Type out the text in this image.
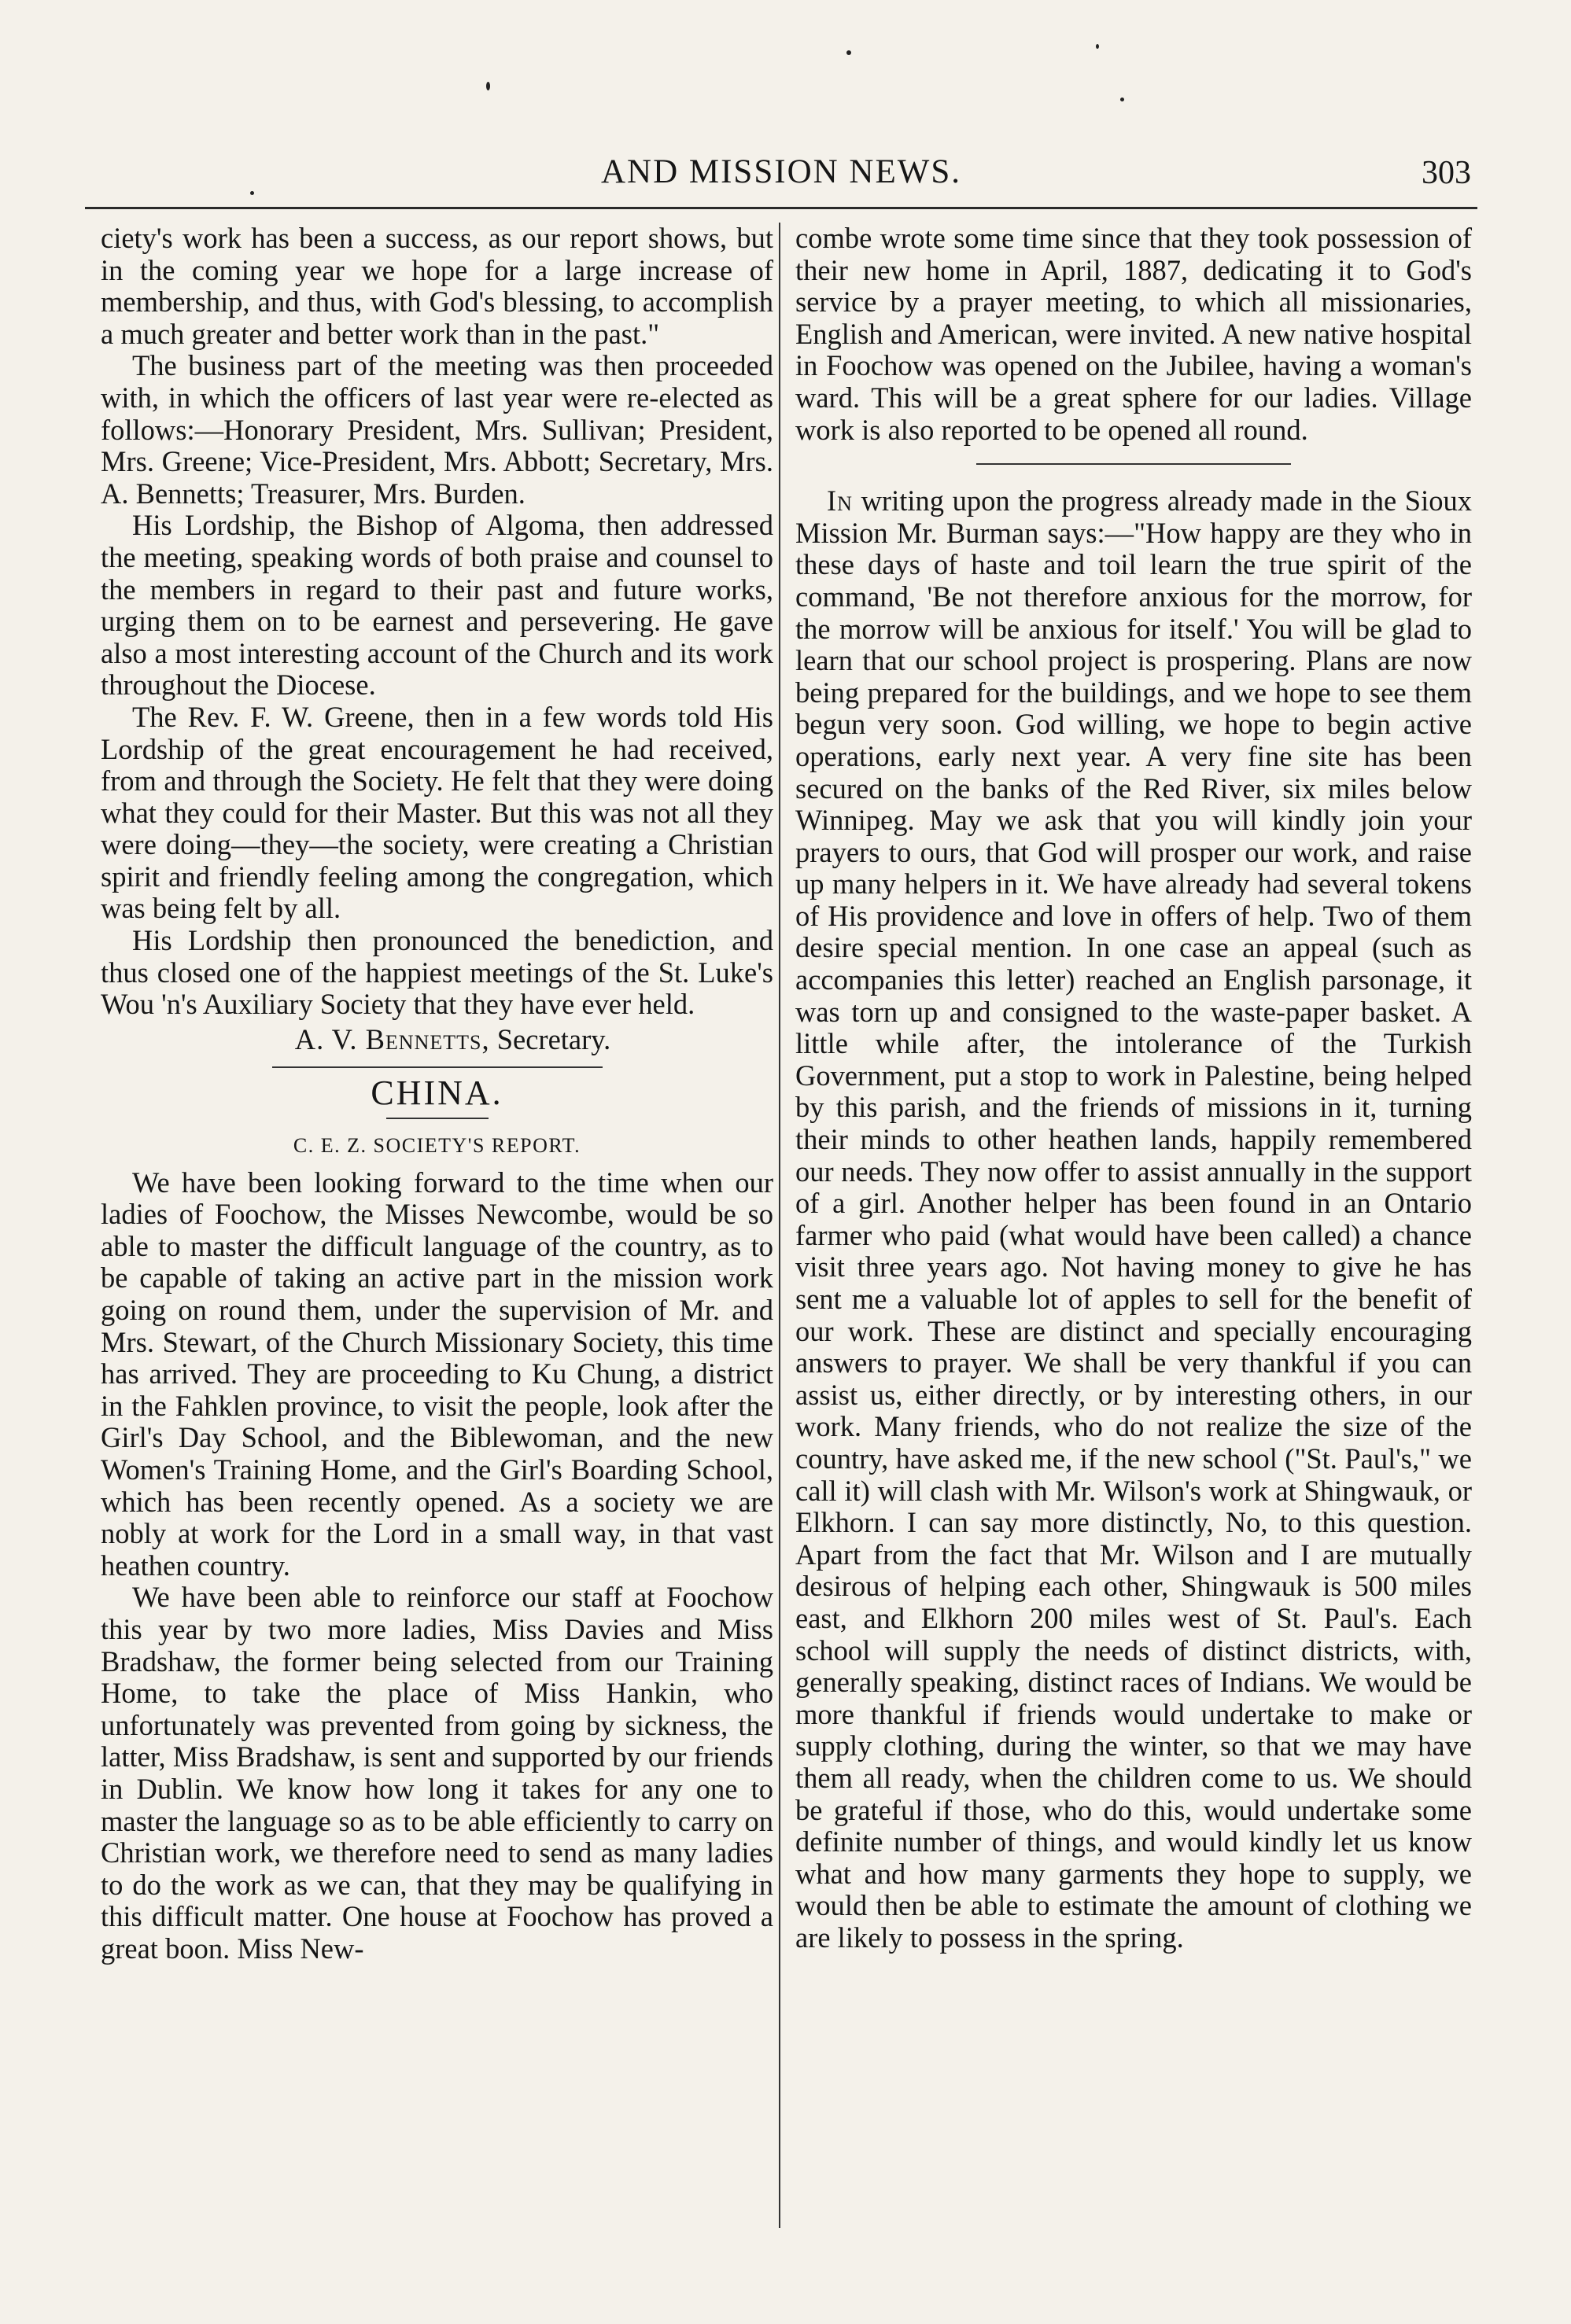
AND MISSION NEWS.	303

ciety's work has been a success, as our report shows, but in the coming year we hope for a large increase of membership, and thus, with God's blessing, to accomplish a much greater and better work than in the past."

The business part of the meeting was then proceeded with, in which the officers of last year were re-elected as follows:—Honorary President, Mrs. Sullivan; President, Mrs. Greene; Vice-President, Mrs. Abbott; Secretary, Mrs. A. Bennetts; Treasurer, Mrs. Burden.

His Lordship, the Bishop of Algoma, then addressed the meeting, speaking words of both praise and counsel to the members in regard to their past and future works, urging them on to be earnest and persevering. He gave also a most interesting account of the Church and its work throughout the Diocese.

The Rev. F. W. Greene, then in a few words told His Lordship of the great encouragement he had received, from and through the Society. He felt that they were doing what they could for their Master. But this was not all they were doing—they—the society, were creating a Christian spirit and friendly feeling among the congregation, which was being felt by all.

His Lordship then pronounced the benediction, and thus closed one of the happiest meetings of the St. Luke's Wou 'n's Auxiliary Society that they have ever held.

A. V. Bennetts, Secretary.
CHINA.
C. E. Z. SOCIETY'S REPORT.

We have been looking forward to the time when our ladies of Foochow, the Misses Newcombe, would be so able to master the difficult language of the country, as to be capable of taking an active part in the mission work going on round them, under the supervision of Mr. and Mrs. Stewart, of the Church Missionary Society, this time has arrived. They are proceeding to Ku Chung, a district in the Fahklen province, to visit the people, look after the Girl's Day School, and the Biblewoman, and the new Women's Training Home, and the Girl's Boarding School, which has been recently opened. As a society we are nobly at work for the Lord in a small way, in that vast heathen country.

We have been able to reinforce our staff at Foochow this year by two more ladies, Miss Davies and Miss Bradshaw, the former being selected from our Training Home, to take the place of Miss Hankin, who unfortunately was prevented from going by sickness, the latter, Miss Bradshaw, is sent and supported by our friends in Dublin. We know how long it takes for any one to master the language so as to be able efficiently to carry on Christian work, we therefore need to send as many ladies to do the work as we can, that they may be qualifying in this difficult matter. One house at Foochow has proved a great boon. Miss New-

combe wrote some time since that they took possession of their new home in April, 1887, dedicating it to God's service by a prayer meeting, to which all missionaries, English and American, were invited. A new native hospital in Foochow was opened on the Jubilee, having a woman's ward. This will be a great sphere for our ladies. Village work is also reported to be opened all round.

In writing upon the progress already made in the Sioux Mission Mr. Burman says:—"How happy are they who in these days of haste and toil learn the true spirit of the command, 'Be not therefore anxious for the morrow, for the morrow will be anxious for itself.' You will be glad to learn that our school project is prospering. Plans are now being prepared for the buildings, and we hope to see them begun very soon. God willing, we hope to begin active operations, early next year. A very fine site has been secured on the banks of the Red River, six miles below Winnipeg. May we ask that you will kindly join your prayers to ours, that God will prosper our work, and raise up many helpers in it. We have already had several tokens of His providence and love in offers of help. Two of them desire special mention. In one case an appeal (such as accompanies this letter) reached an English parsonage, it was torn up and consigned to the waste-paper basket. A little while after, the intolerance of the Turkish Government, put a stop to work in Palestine, being helped by this parish, and the friends of missions in it, turning their minds to other heathen lands, happily remembered our needs. They now offer to assist annually in the support of a girl. Another helper has been found in an Ontario farmer who paid (what would have been called) a chance visit three years ago. Not having money to give he has sent me a valuable lot of apples to sell for the benefit of our work. These are distinct and specially encouraging answers to prayer. We shall be very thankful if you can assist us, either directly, or by interesting others, in our work. Many friends, who do not realize the size of the country, have asked me, if the new school ("St. Paul's," we call it) will clash with Mr. Wilson's work at Shingwauk, or Elkhorn. I can say more distinctly, No, to this question. Apart from the fact that Mr. Wilson and I are mutually desirous of helping each other, Shingwauk is 500 miles east, and Elkhorn 200 miles west of St. Paul's. Each school will supply the needs of distinct districts, with, generally speaking, distinct races of Indians. We would be more thankful if friends would undertake to make or supply clothing, during the winter, so that we may have them all ready, when the children come to us. We should be grateful if those, who do this, would undertake some definite number of things, and would kindly let us know what and how many garments they hope to supply, we would then be able to estimate the amount of clothing we are likely to possess in the spring.
